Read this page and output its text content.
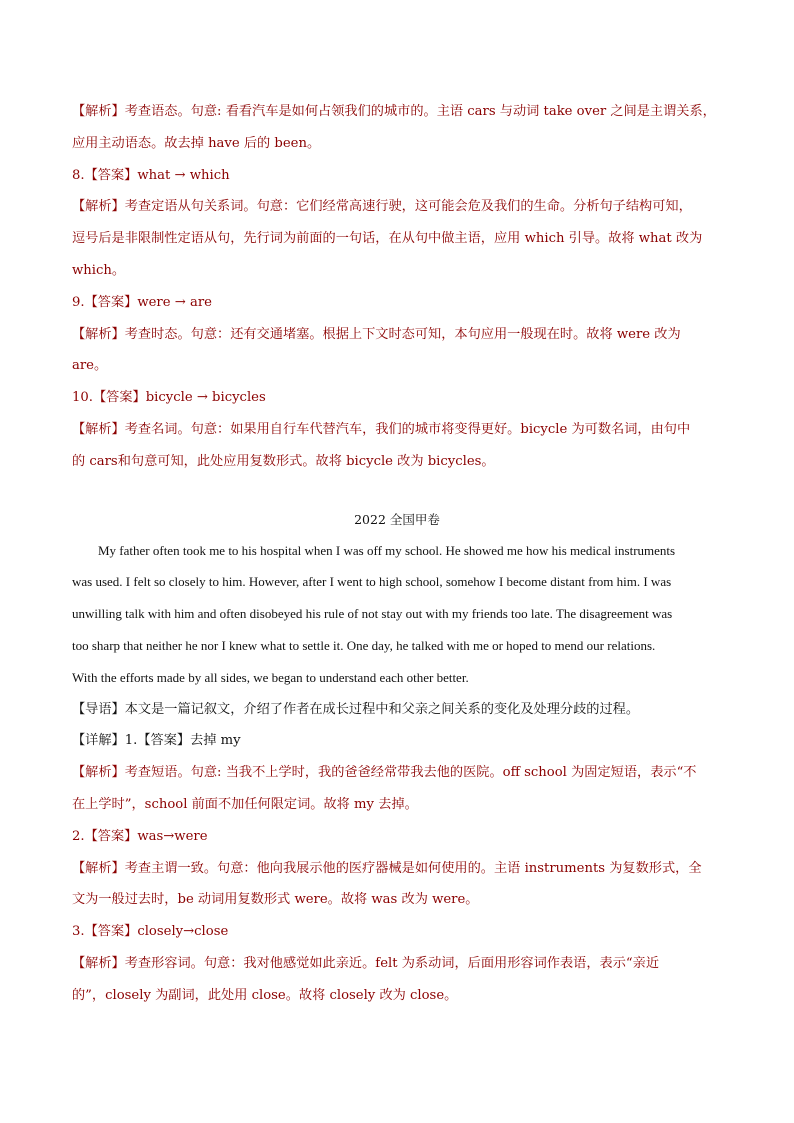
【解析】考查语态。句意: 看看汽车是如何占领我们的城市的。主语 cars 与动词 take over 之间是主谓关系，
应用主动语态。故去掉 have 后的 been。
8.【答案】what → which
【解析】考查定语从句关系词。句意：它们经常高速行驶，这可能会危及我们的生命。分析句子结构可知，
逗号后是非限制性定语从句，先行词为前面的一句话，在从句中做主语，应用 which 引导。故将 what 改为
which。
9.【答案】were → are
【解析】考查时态。句意：还有交通堵塞。根据上下文时态可知，本句应用一般现在时。故将 were 改为
are。
10.【答案】bicycle → bicycles
【解析】考查名词。句意：如果用自行车代替汽车，我们的城市将变得更好。bicycle 为可数名词，由句中
的 cars和句意可知，此处应用复数形式。故将 bicycle 改为 bicycles。
2022 全国甲卷
My father often took me to his hospital when I was off my school. He showed me how his medical instruments
was used. I felt so closely to him. However, after I went to high school, somehow I become distant from him. I was
unwilling talk with him and often disobeyed his rule of not stay out with my friends too late. The disagreement was
too sharp that neither he nor I knew what to settle it. One day, he talked with me or hoped to mend our relations.
With the efforts made by all sides, we began to understand each other better.
【导语】本文是一篇记叙文，介绍了作者在成长过程中和父亲之间关系的变化及处理分歧的过程。
【详解】1.【答案】去掉 my
【解析】考查短语。句意: 当我不上学时，我的爸爸经常带我去他的医院。off school 为固定短语，表示“不
在上学时”，school 前面不加任何限定词。故将 my 去掉。
2.【答案】was→were
【解析】考查主谓一致。句意：他向我展示他的医疗器械是如何使用的。主语 instruments 为复数形式，全
文为一般过去时，be 动词用复数形式 were。故将 was 改为 were。
3.【答案】closely→close
【解析】考查形容词。句意：我对他感觉如此亲近。felt 为系动词，后面用形容词作表语，表示“亲近
的”，closely 为副词，此处用 close。故将 closely 改为 close。
